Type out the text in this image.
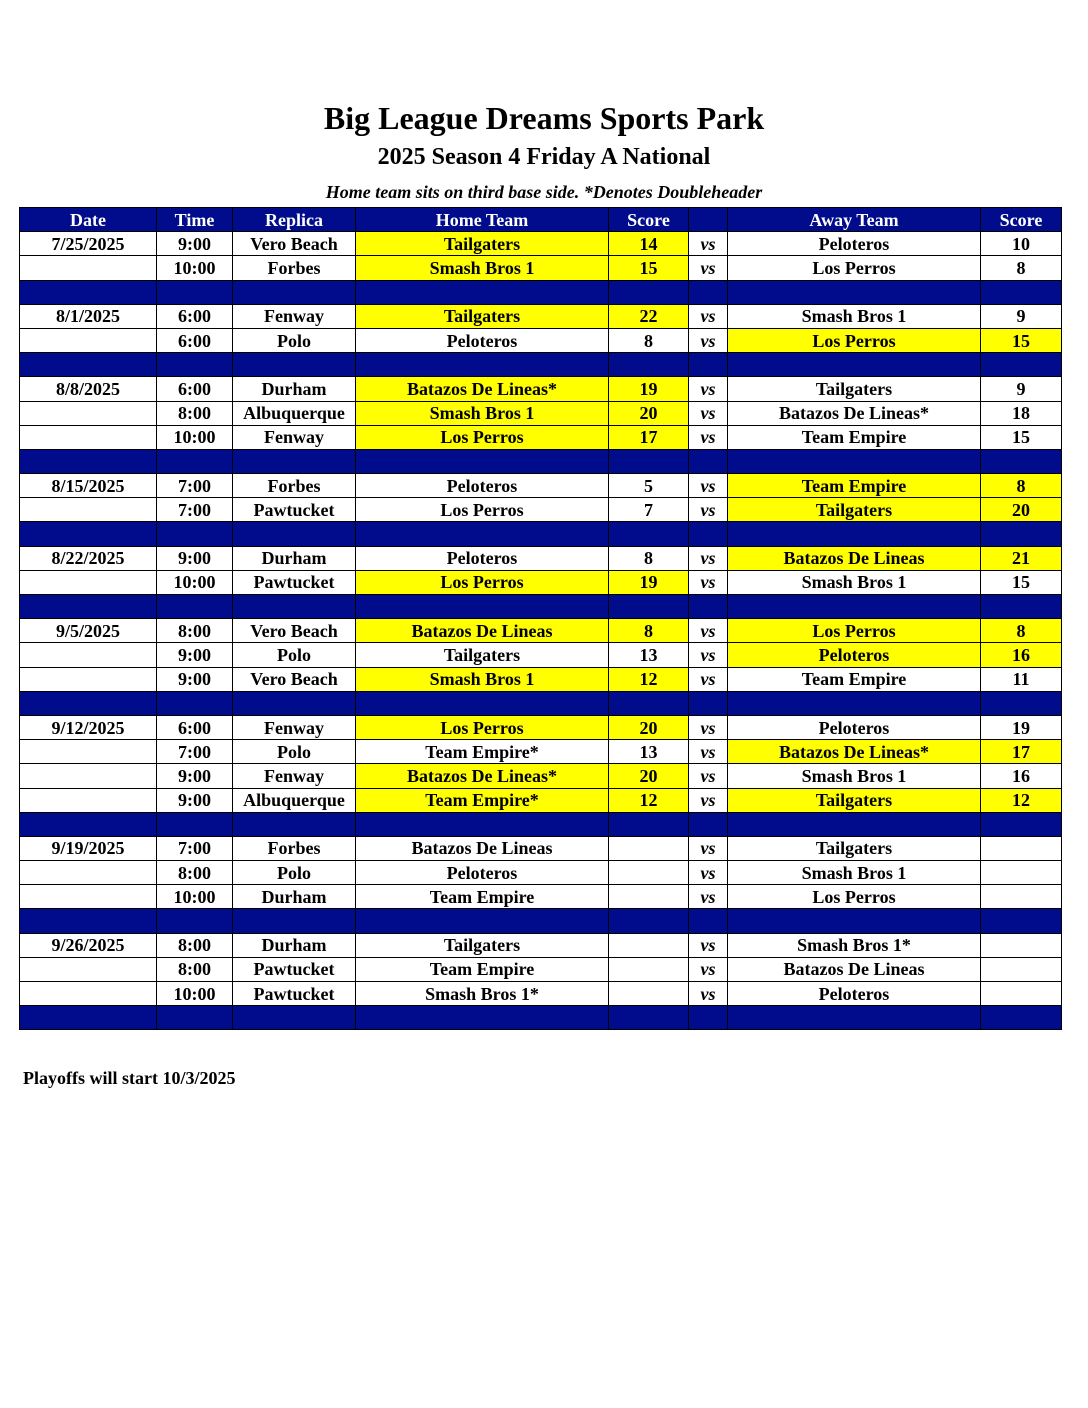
Big League Dreams Sports Park
2025 Season 4 Friday A National
Home team sits on third base side. *Denotes Doubleheader
Date	Time	Replica	Home Team	Score		Away Team	Score
7/25/2025	9:00	Vero Beach	Tailgaters	14	vs	Peloteros	10
	10:00	Forbes	Smash Bros 1	15	vs	Los Perros	8

8/1/2025	6:00	Fenway	Tailgaters	22	vs	Smash Bros 1	9
	6:00	Polo	Peloteros	8	vs	Los Perros	15

8/8/2025	6:00	Durham	Batazos De Lineas*	19	vs	Tailgaters	9
	8:00	Albuquerque	Smash Bros 1	20	vs	Batazos De Lineas*	18
	10:00	Fenway	Los Perros	17	vs	Team Empire	15

8/15/2025	7:00	Forbes	Peloteros	5	vs	Team Empire	8
	7:00	Pawtucket	Los Perros	7	vs	Tailgaters	20

8/22/2025	9:00	Durham	Peloteros	8	vs	Batazos De Lineas	21
	10:00	Pawtucket	Los Perros	19	vs	Smash Bros 1	15

9/5/2025	8:00	Vero Beach	Batazos De Lineas	8	vs	Los Perros	8
	9:00	Polo	Tailgaters	13	vs	Peloteros	16
	9:00	Vero Beach	Smash Bros 1	12	vs	Team Empire	11

9/12/2025	6:00	Fenway	Los Perros	20	vs	Peloteros	19
	7:00	Polo	Team Empire*	13	vs	Batazos De Lineas*	17
	9:00	Fenway	Batazos De Lineas*	20	vs	Smash Bros 1	16
	9:00	Albuquerque	Team Empire*	12	vs	Tailgaters	12

9/19/2025	7:00	Forbes	Batazos De Lineas		vs	Tailgaters	
	8:00	Polo	Peloteros		vs	Smash Bros 1	
	10:00	Durham	Team Empire		vs	Los Perros	

9/26/2025	8:00	Durham	Tailgaters		vs	Smash Bros 1*	
	8:00	Pawtucket	Team Empire		vs	Batazos De Lineas	
	10:00	Pawtucket	Smash Bros 1*		vs	Peloteros	

Playoffs will start 10/3/2025
